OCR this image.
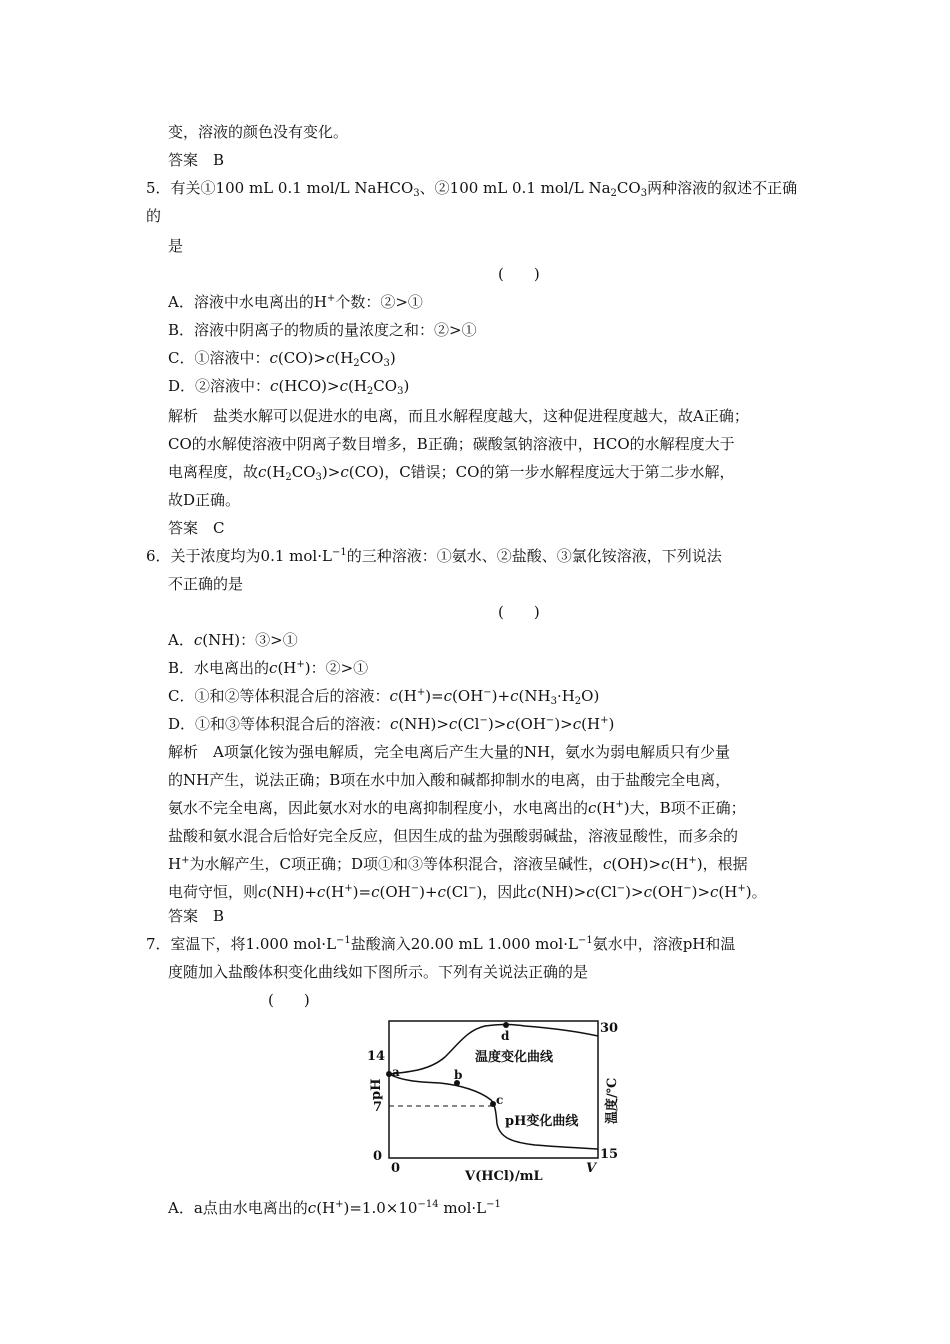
变，溶液的颜色没有变化。
答案　B
5．有关①100 mL 0.1 mol/L NaHCO$_3$、②100 mL 0.1 mol/L $Na_2CO_3$两种溶液的叙述不正确
的
是
(　　)
A．溶液中水电离出的H+个数：②>①
B．溶液中阴离子的物质的量浓度之和：②>①
C．①溶液中：$c(CO)>c(H_2CO_3)$
D．②溶液中：$c(HCO)>c(H_2CO_3)$
解析　盐类水解可以促进水的电离，而且水解程度越大，这种促进程度越大，故A正确；
CO的水解使溶液中阴离子数目增多，B正确；碳酸氢钠溶液中，HCO的水解程度大于
电离程度，故$c(H_2CO_3)>c(CO)$，C错误；CO的第一步水解程度远大于第二步水解，
故D正确。
答案　C
6．关于浓度均为0.1 $mol\cdot L^{-1}$的三种溶液：①氨水、②盐酸、③氯化铵溶液，下列说法
不正确的是
(　　)
A．c(NH)：③>①
B．水电离出的c(H+)：②>①
C．①和②等体积混合后的溶液：$c(H^+)=c(OH^-)+c(NH_3\cdot H_2O)$
D．①和③等体积混合后的溶液：c(NH)>c(Cl−)>c(OH−)>c(H+)
解析　A项氯化铵为强电解质，完全电离后产生大量的NH，氨水为弱电解质只有少量
的NH产生，说法正确；B项在水中加入酸和碱都抑制水的电离，由于盐酸完全电离，
氨水不完全电离，因此氨水对水的电离抑制程度小，水电离出的c(H+)大，B项不正确；
盐酸和氨水混合后恰好完全反应，但因生成的盐为强酸弱碱盐，溶液显酸性，而多余的
H+为水解产生，C项正确；D项①和③等体积混合，溶液呈碱性，c(OH)>c(H+)，根据
电荷守恒，则c(NH)+c(H+)=c(OH−)+c(Cl−)，因此c(NH)>c(Cl−)>c(OH−)>c(H+)。
答案　B
7．室温下，将1.000 $mol\cdot L^{-1}$盐酸滴入20.00 mL 1.000 $mol\cdot L^{-1}$氨水中，溶液pH和温
度随加入盐酸体积变化曲线如下图所示。下列有关说法正确的是
(　　)
a	b
c
d
温度变化曲线
pH变化曲线
14
7
0
30
15
0	V
pH	温度/℃
V(HCl)/mL
A．a点由水电离出的$c(H^+)=1.0\times 10^{-14}$ $mol\cdot L^{-1}$
